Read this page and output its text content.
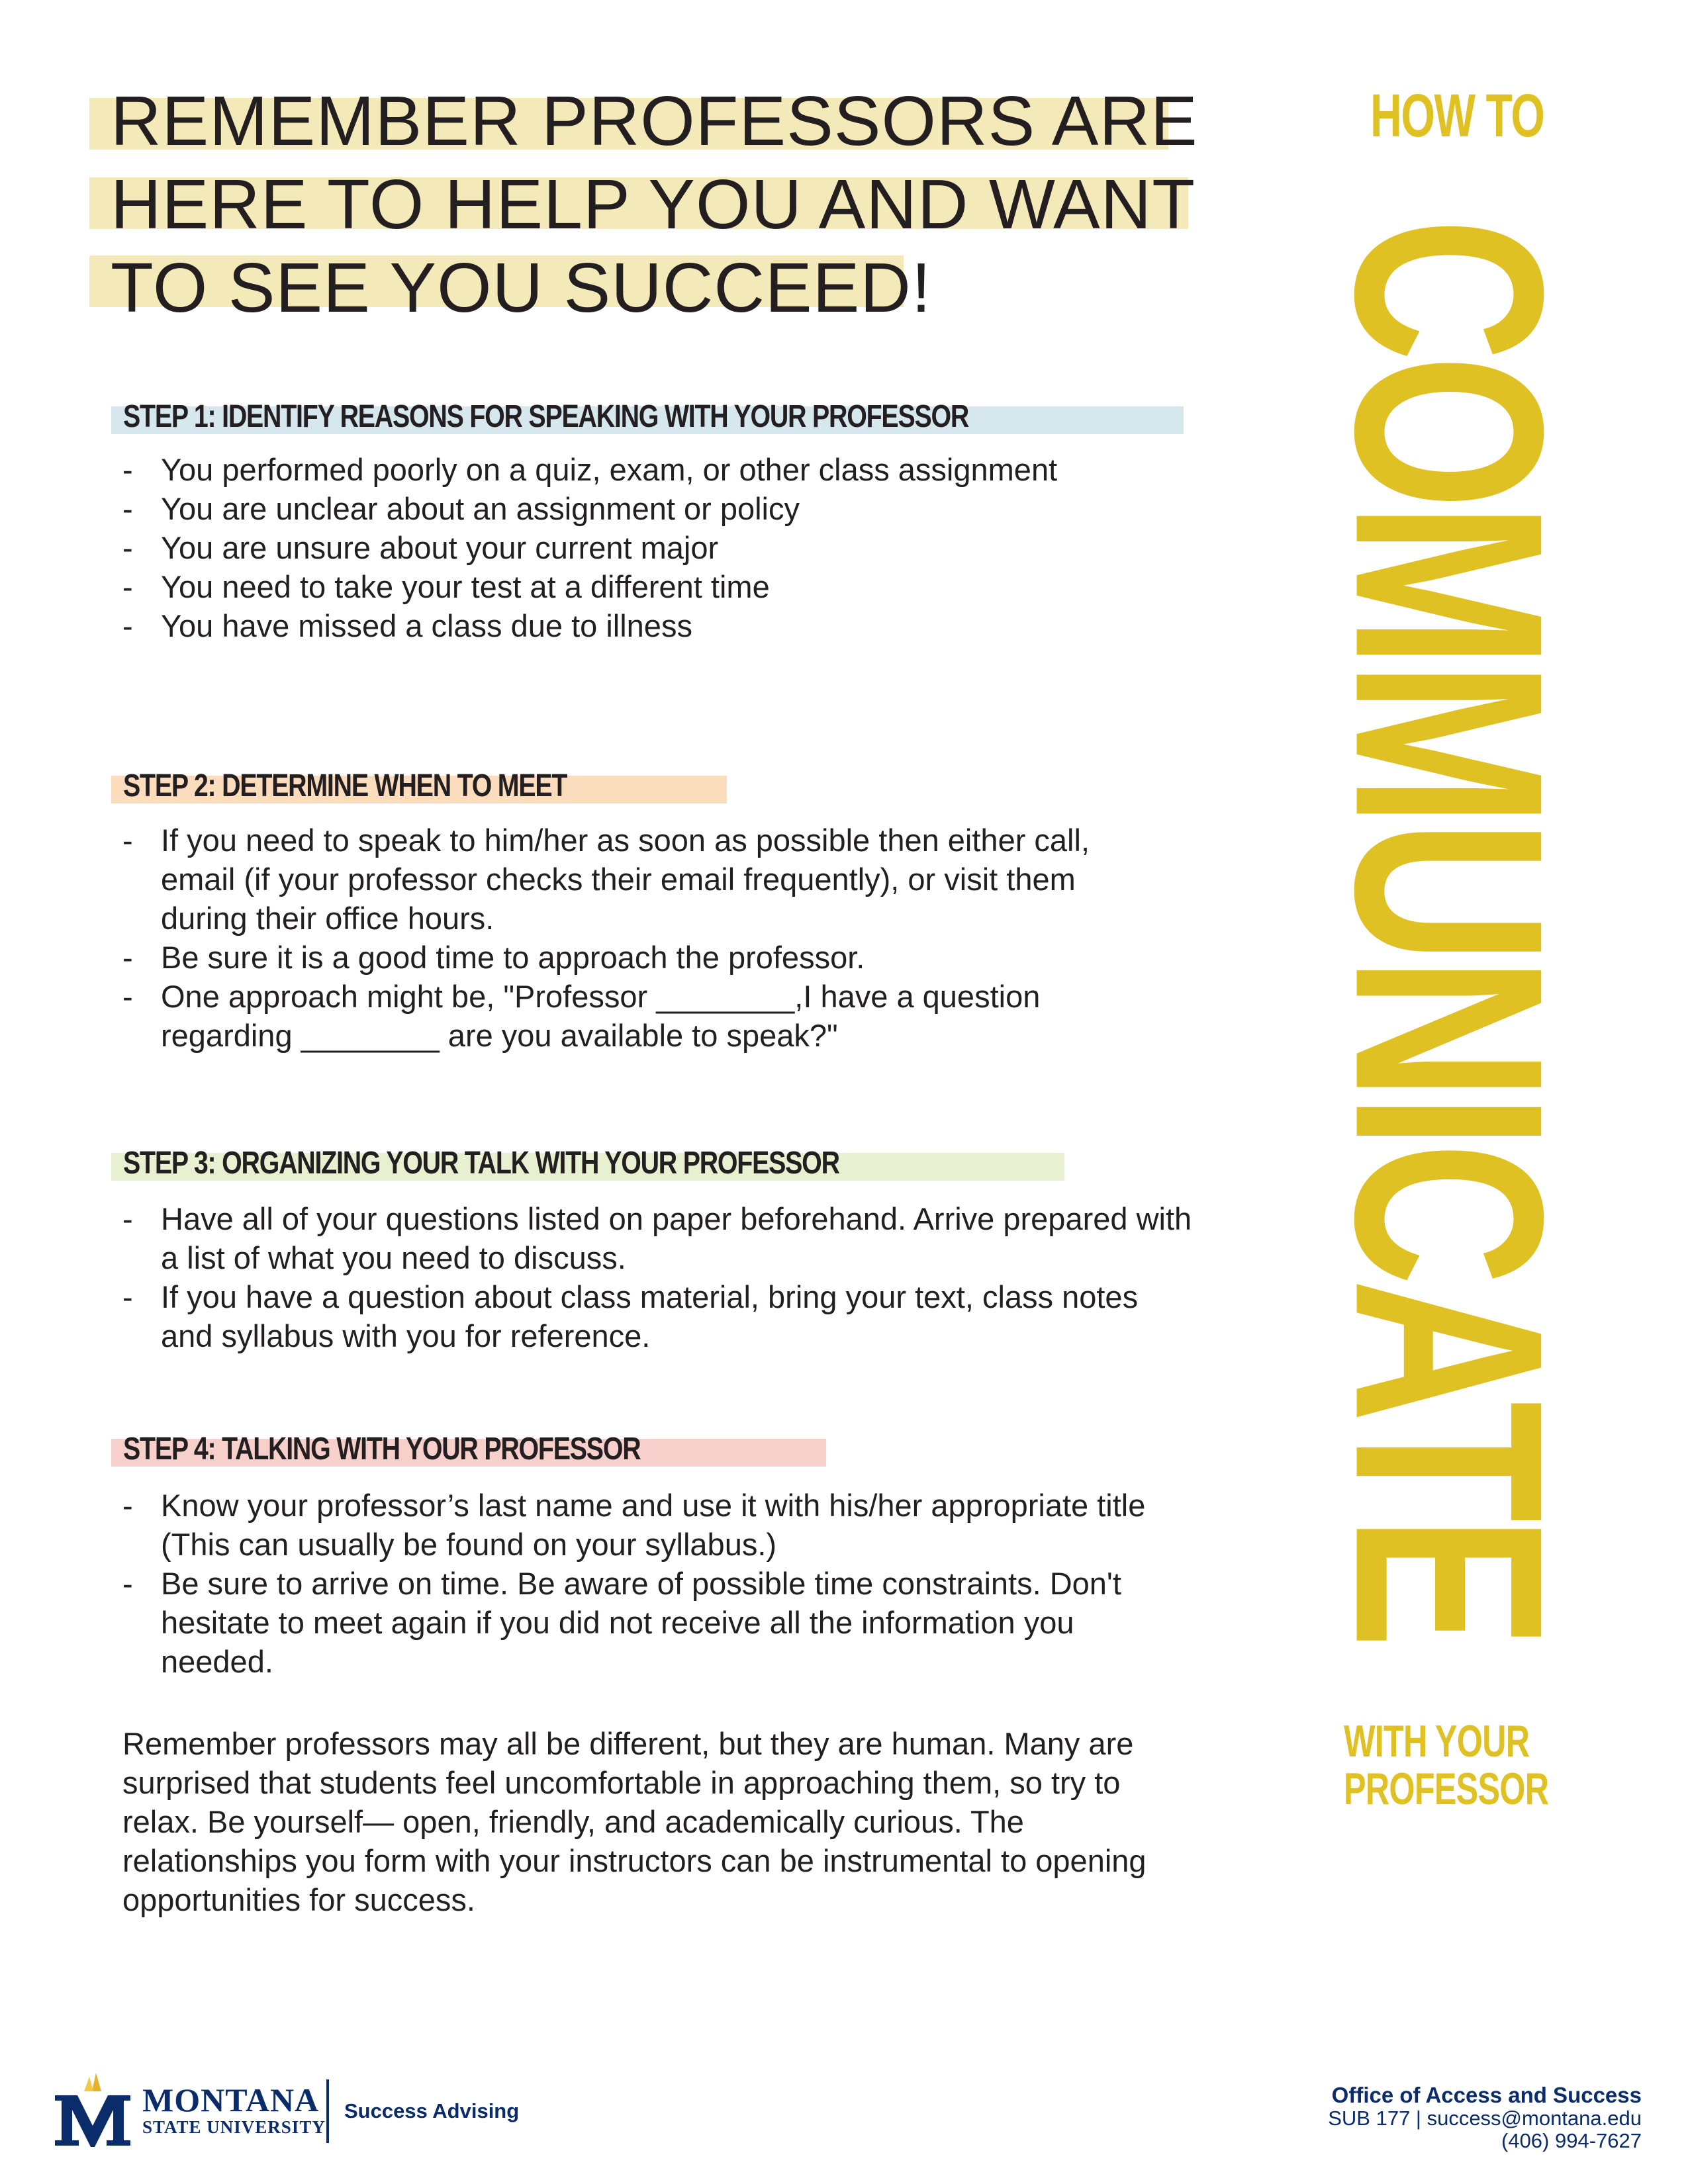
REMEMBER PROFESSORS ARE
HERE TO HELP YOU AND WANT
TO SEE YOU SUCCEED!
STEP 1: IDENTIFY REASONS FOR SPEAKING WITH YOUR PROFESSOR
- You performed poorly on a quiz, exam, or other class assignment
- You are unclear about an assignment or policy
- You are unsure about your current major
- You need to take your test at a different time
- You have missed a class due to illness
STEP 2: DETERMINE WHEN TO MEET
- If you need to speak to him/her as soon as possible then either call, email (if your professor checks their email frequently), or visit them during their office hours.
- Be sure it is a good time to approach the professor.
- One approach might be, "Professor ________,I have a question regarding ________ are you available to speak?"
STEP 3: ORGANIZING YOUR TALK WITH YOUR PROFESSOR
- Have all of your questions listed on paper beforehand. Arrive prepared with a list of what you need to discuss.
- If you have a question about class material, bring your text, class notes and syllabus with you for reference.
STEP 4: TALKING WITH YOUR PROFESSOR
- Know your professor’s last name and use it with his/her appropriate title (This can usually be found on your syllabus.)
- Be sure to arrive on time. Be aware of possible time constraints. Don't hesitate to meet again if you did not receive all the information you needed.

Remember professors may all be different, but they are human. Many are surprised that students feel uncomfortable in approaching them, so try to relax. Be yourself— open, friendly, and academically curious. The relationships you form with your instructors can be instrumental to opening opportunities for success.

HOW TO
COMMUNICATE
WITH YOUR
PROFESSOR
MONTANA
STATE UNIVERSITY
Success Advising
Office of Access and Success
SUB 177 | success@montana.edu
(406) 994-7627
